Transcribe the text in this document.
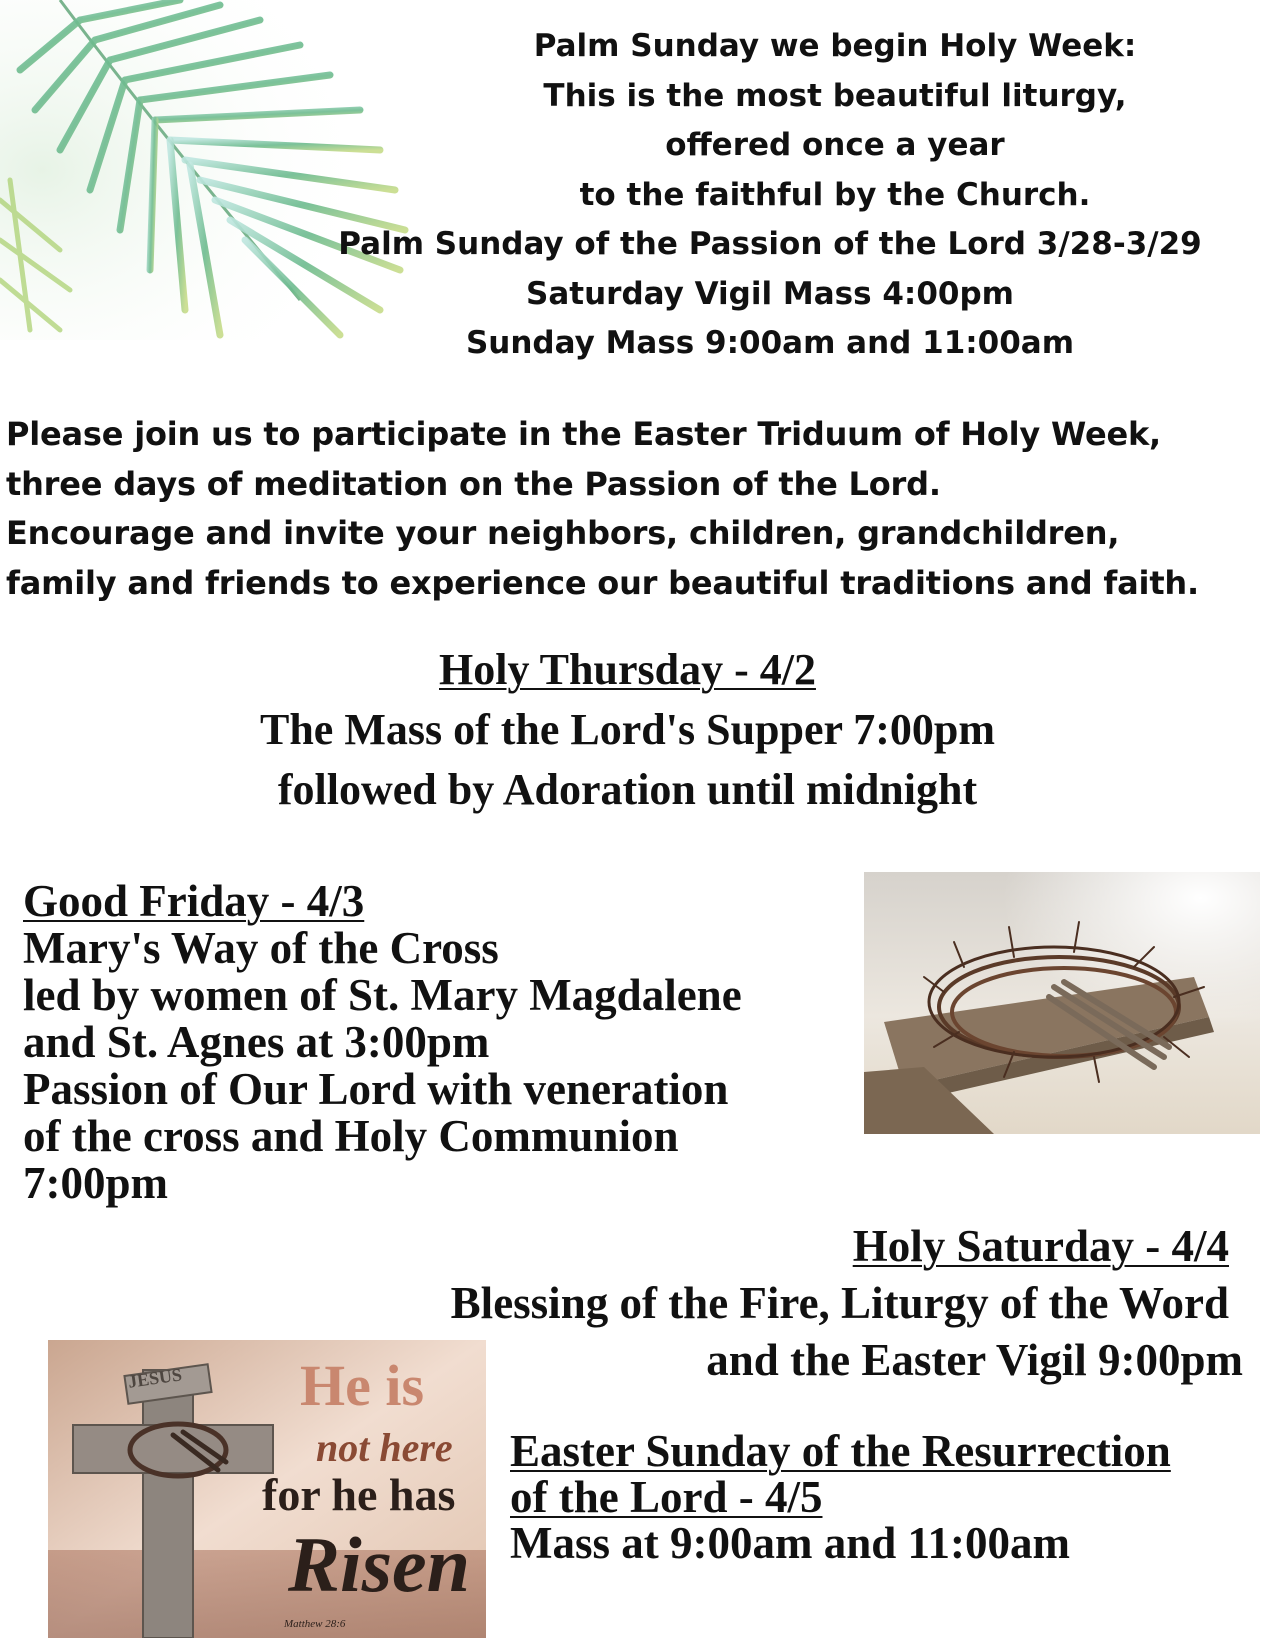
Palm Sunday we begin Holy Week:
This is the most beautiful liturgy,
offered once a year
to the faithful by the Church.
Palm Sunday of the Passion of the Lord 3/28-3/29
Saturday Vigil Mass 4:00pm
Sunday Mass 9:00am and 11:00am
Please join us to participate in the Easter Triduum of Holy Week,
three days of meditation on the Passion of the Lord.
Encourage and invite your neighbors, children, grandchildren,
family and friends to experience our beautiful traditions and faith.
Holy Thursday - 4/2
The Mass of the Lord's Supper 7:00pm
followed by Adoration until midnight
Good Friday - 4/3
Mary's Way of the Cross
led by women of St. Mary Magdalene
and St. Agnes at 3:00pm
Passion of Our Lord with veneration
of the cross and Holy Communion
7:00pm
Holy Saturday - 4/4
Blessing of the Fire, Liturgy of the Word
and the Easter Vigil 9:00pm
JESUS He is
not here
for he has
Risen
Matthew 28:6
Easter Sunday of the Resurrection
of the Lord - 4/5
Mass at 9:00am and 11:00am
